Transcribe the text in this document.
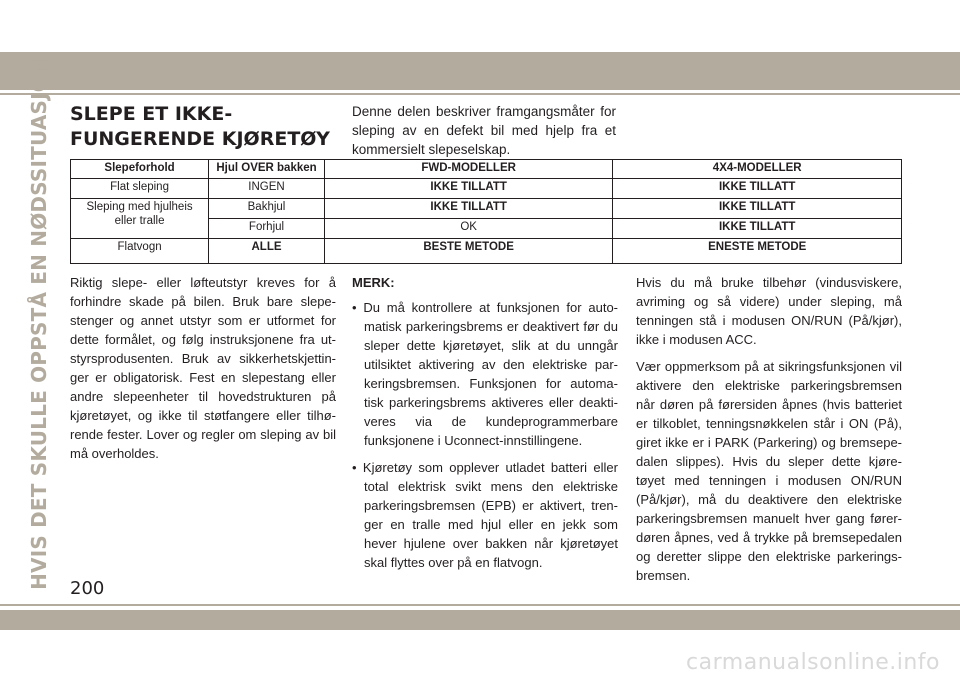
HVIS DET SKULLE OPPSTÅ EN NØDSSITUASJON SLEPE ET IKKE-FUNGERENDE KJØRETØY

Denne delen beskriver framgangsmåter for sleping av en defekt bil med hjelp fra et kommersielt slepeselskap.

Slepeforhold	Hjul OVER bakken	FWD-MODELLER	4X4-MODELLER
Flat sleping	INGEN	IKKE TILLATT	IKKE TILLATT
Sleping med hjulheis eller tralle	Bakhjul	IKKE TILLATT	IKKE TILLATT
	Forhjul	OK	IKKE TILLATT
Flatvogn	ALLE	BESTE METODE	ENESTE METODE

Riktig slepe- eller løfteutstyr kreves for å forhindre skade på bilen. Bruk bare slepe-stenger og annet utstyr som er utformet for dette formålet, og følg instruksjonene fra ut-styrsprodusenten. Bruk av sikkerhetskjettin-ger er obligatorisk. Fest en slepestang eller andre slepeenheter til hovedstrukturen på kjøretøyet, og ikke til støtfangere eller tilhø-rende fester. Lover og regler om sleping av bil må overholdes.

MERK:

• Du må kontrollere at funksjonen for auto-matisk parkeringsbrems er deaktivert før du sleper dette kjøretøyet, slik at du unngår utilsiktet aktivering av den elektriske par-keringsbremsen. Funksjonen for automa-tisk parkeringsbrems aktiveres eller deakti-veres via de kundeprogrammerbare funksjonene i Uconnect-innstillingene.

• Kjøretøy som opplever utladet batteri eller total elektrisk svikt mens den elektriske parkeringsbremsen (EPB) er aktivert, tren-ger en tralle med hjul eller en jekk som hever hjulene over bakken når kjøretøyet skal flyttes over på en flatvogn.

Hvis du må bruke tilbehør (vindusviskere, avriming og så videre) under sleping, må tenningen stå i modusen ON/RUN (På/kjør), ikke i modusen ACC.

Vær oppmerksom på at sikringsfunksjonen vil aktivere den elektriske parkeringsbremsen når døren på førersiden åpnes (hvis batteriet er tilkoblet, tenningsnøkkelen står i ON (På), giret ikke er i PARK (Parkering) og bremsepe-dalen slippes). Hvis du sleper dette kjøre-tøyet med tenningen i modusen ON/RUN (På/kjør), må du deaktivere den elektriske parkeringsbremsen manuelt hver gang fører-døren åpnes, ved å trykke på bremsepedalen og deretter slippe den elektriske parkerings-bremsen.

200
carmanualsonline.info
